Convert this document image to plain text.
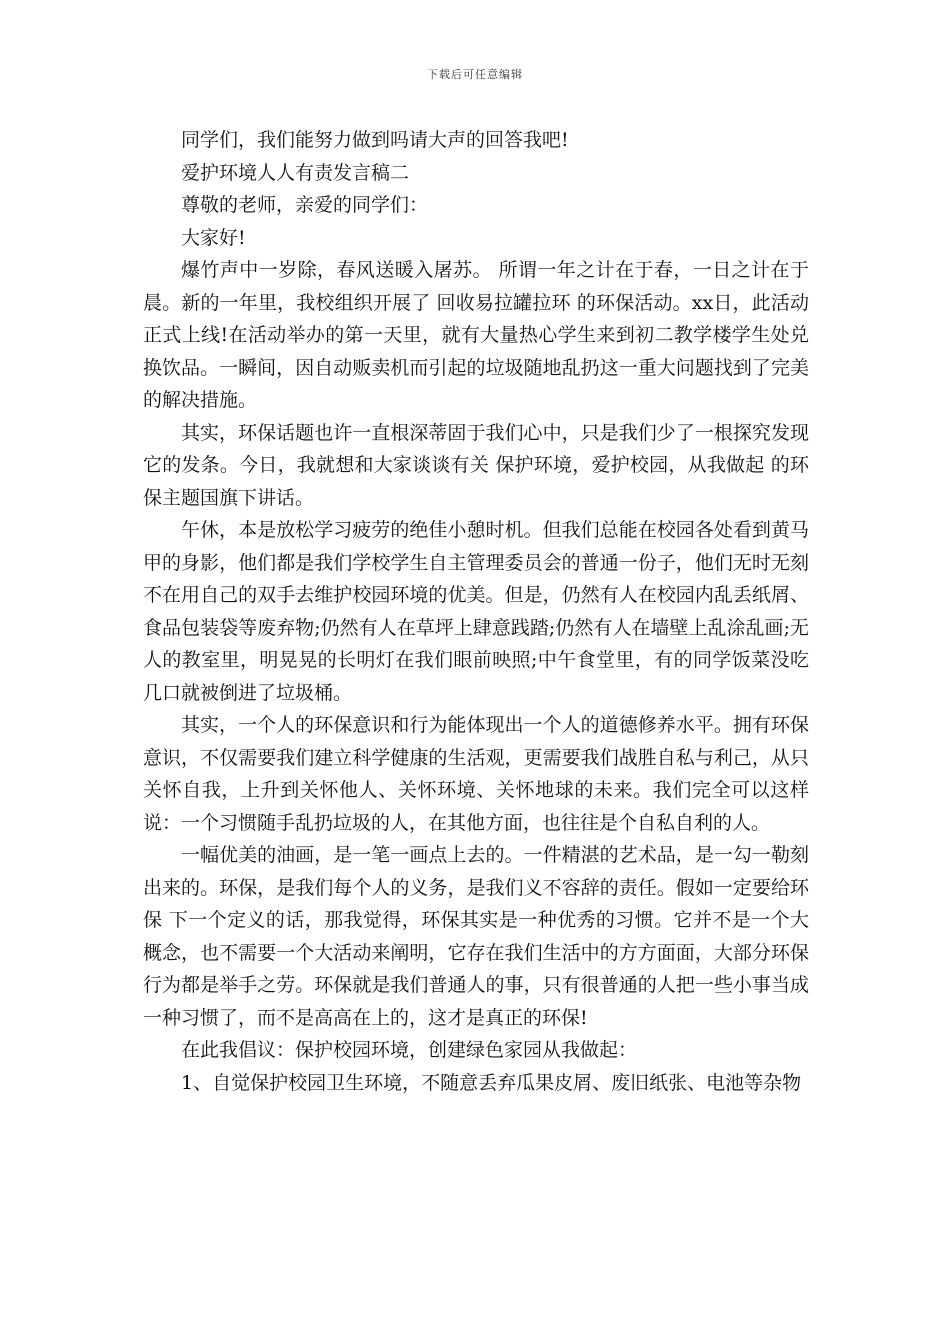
下载后可任意编辑

同学们，我们能努力做到吗请大声的回答我吧!

爱护环境人人有责发言稿二

尊敬的老师，亲爱的同学们：

大家好!

爆竹声中一岁除，春风送暖入屠苏。 所谓一年之计在于春，一日之计在于晨。新的一年里，我校组织开展了 回收易拉罐拉环 的环保活动。xx日，此活动正式上线!在活动举办的第一天里，就有大量热心学生来到初二教学楼学生处兑换饮品。一瞬间，因自动贩卖机而引起的垃圾随地乱扔这一重大问题找到了完美的解决措施。

其实，环保话题也许一直根深蒂固于我们心中，只是我们少了一根探究发现它的发条。今日，我就想和大家谈谈有关 保护环境，爱护校园，从我做起 的环保主题国旗下讲话。

午休，本是放松学习疲劳的绝佳小憩时机。但我们总能在校园各处看到黄马甲的身影，他们都是我们学校学生自主管理委员会的普通一份子，他们无时无刻不在用自己的双手去维护校园环境的优美。但是，仍然有人在校园内乱丢纸屑、食品包装袋等废弃物;仍然有人在草坪上肆意践踏;仍然有人在墙壁上乱涂乱画;无人的教室里，明晃晃的长明灯在我们眼前映照;中午食堂里，有的同学饭菜没吃几口就被倒进了垃圾桶。

其实，一个人的环保意识和行为能体现出一个人的道德修养水平。拥有环保意识，不仅需要我们建立科学健康的生活观，更需要我们战胜自私与利己，从只关怀自我，上升到关怀他人、关怀环境、关怀地球的未来。我们完全可以这样说：一个习惯随手乱扔垃圾的人，在其他方面，也往往是个自私自利的人。

一幅优美的油画，是一笔一画点上去的。一件精湛的艺术品，是一勾一勒刻出来的。环保，是我们每个人的义务，是我们义不容辞的责任。假如一定要给环保 下一个定义的话，那我觉得，环保其实是一种优秀的习惯。它并不是一个大概念，也不需要一个大活动来阐明，它存在我们生活中的方方面面，大部分环保行为都是举手之劳。环保就是我们普通人的事，只有很普通的人把一些小事当成一种习惯了，而不是高高在上的，这才是真正的环保!

在此我倡议：保护校园环境，创建绿色家园从我做起：

1、自觉保护校园卫生环境，不随意丢弃瓜果皮屑、废旧纸张、电池等杂物
